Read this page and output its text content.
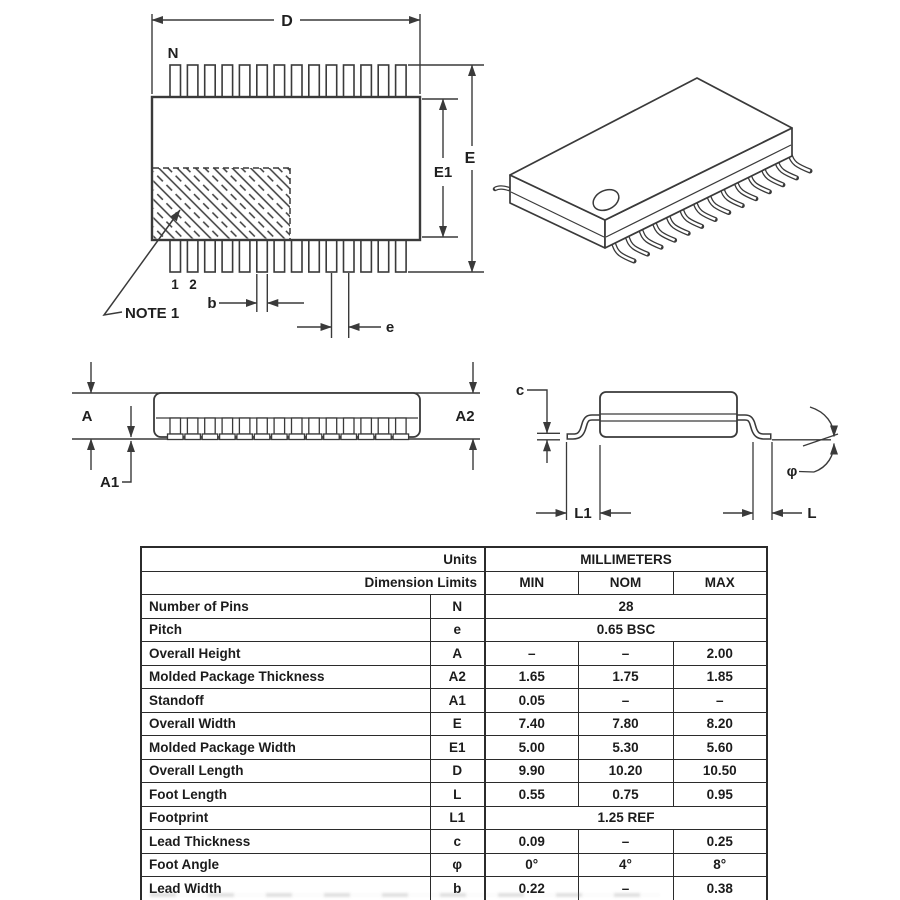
D
N
E
E1
NOTE 1
1 2
b
e
A
A1
A2
c
L1	L
φ
Units		MILLIMETERS		
Dimension Limits		MIN	NOM	MAX
Number of Pins	N	28		
Pitch	e	0.65 BSC		
Overall Height	A	–	–	2.00
Molded Package Thickness	A2	1.65	1.75	1.85
Standoff	A1	0.05	–	–
Overall Width	E	7.40	7.80	8.20
Molded Package Width	E1	5.00	5.30	5.60
Overall Length	D	9.90	10.20	10.50
Foot Length	L	0.55	0.75	0.95
Footprint	L1	1.25 REF		
Lead Thickness	c	0.09	–	0.25
Foot Angle	φ	0°	4°	8°
Lead Width	b	0.22	–	0.38
